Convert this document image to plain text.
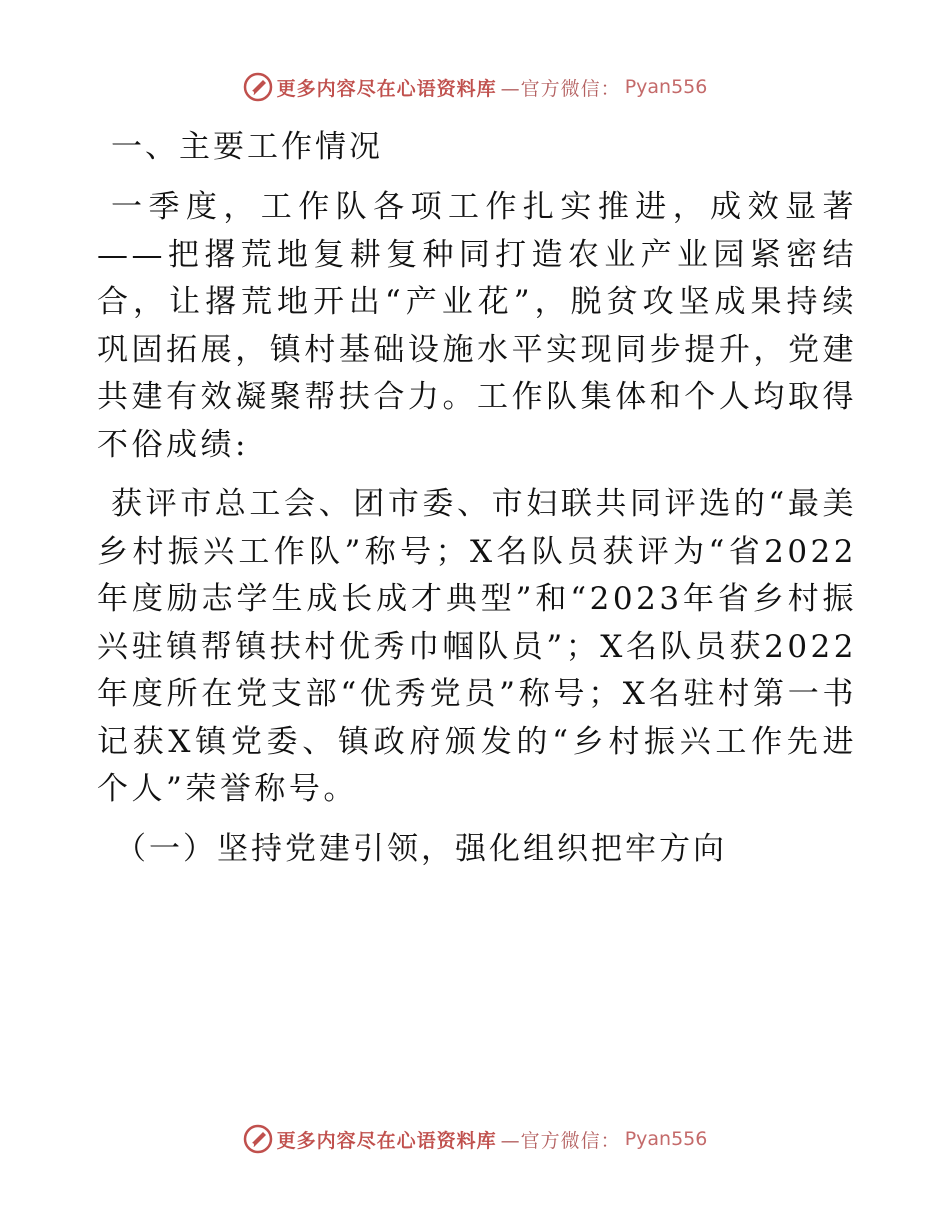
更多内容尽在心语资料库 —官方微信： Pyan556
一、主要工作情况

一季度，工作队各项工作扎实推进，成效显著——把撂荒地复耕复种同打造农业产业园紧密结合，让撂荒地开出“产业花”，脱贫攻坚成果持续巩固拓展，镇村基础设施水平实现同步提升，党建共建有效凝聚帮扶合力。工作队集体和个人均取得不俗成绩:

获评市总工会、团市委、市妇联共同评选的“最美乡村振兴工作队”称号；X名队员获评为“省2022年度励志学生成长成才典型”和“2023年省乡村振兴驻镇帮镇扶村优秀巾帼队员”；X名队员获2022年度所在党支部“优秀党员”称号；X名驻村第一书记获X镇党委、镇政府颁发的“乡村振兴工作先进个人”荣誉称号。

（一）坚持党建引领，强化组织把牢方向
更多内容尽在心语资料库 —官方微信： Pyan556
